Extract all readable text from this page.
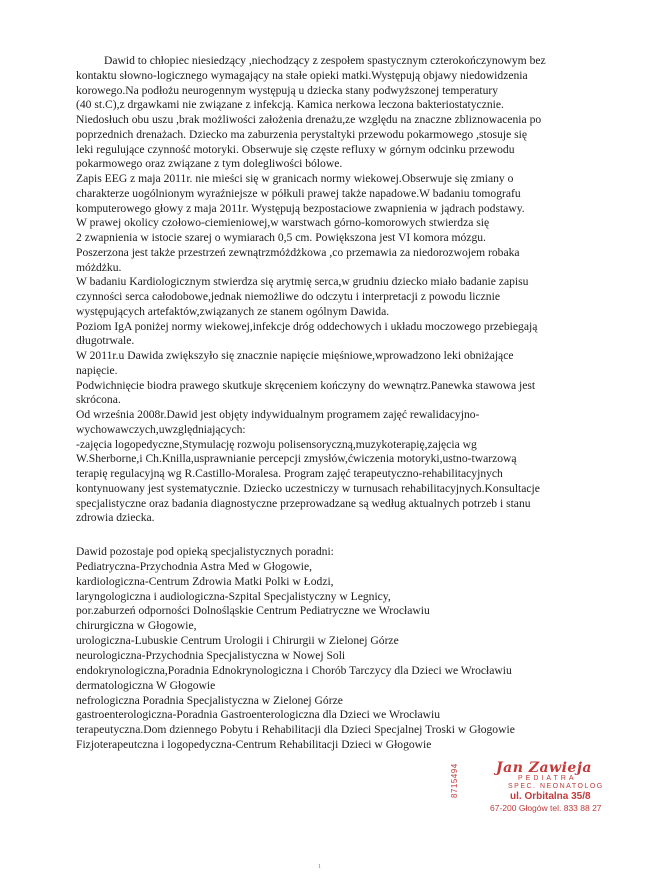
Dawid to chłopiec niesiedzący ,niechodzący z zespołem spastycznym czterokończynowym bez
kontaktu słowno-logicznego wymagający na stałe opieki matki.Występują objawy niedowidzenia
korowego.Na podłożu neurogennym występują u dziecka stany podwyższonej temperatury
(40 st.C),z drgawkami nie związane z infekcją. Kamica nerkowa leczona bakteriostatycznie.
Niedosłuch obu uszu ,brak możliwości założenia drenażu,ze względu na znaczne zbliznowacenia po
poprzednich drenażach. Dziecko ma zaburzenia perystaltyki przewodu pokarmowego ,stosuje się
leki regulujące czynność motoryki. Obserwuje się częste refluxy w górnym odcinku przewodu
pokarmowego oraz związane z tym dolegliwości bólowe.
Zapis EEG z maja 2011r. nie mieści się w granicach normy wiekowej.Obserwuje się zmiany o
charakterze uogólnionym wyraźniejsze w półkuli prawej także napadowe.W badaniu tomografu
komputerowego głowy z maja 2011r. Występują bezpostaciowe zwapnienia w jądrach podstawy.
W prawej okolicy czołowo-ciemieniowej,w warstwach górno-komorowych stwierdza się
2 zwapnienia w istocie szarej o wymiarach 0,5 cm. Powiększona jest VI komora mózgu.
Poszerzona jest także przestrzeń zewnątrzmóżdżkowa ,co przemawia za niedorozwojem robaka
móżdżku.
W badaniu Kardiologicznym stwierdza się arytmię serca,w grudniu dziecko miało badanie zapisu
czynności serca całodobowe,jednak niemożliwe do odczytu i interpretacji z powodu licznie
występujących artefaktów,związanych ze stanem ogólnym Dawida.
Poziom IgA poniżej normy wiekowej,infekcje dróg oddechowych i układu moczowego przebiegają
długotrwale.
W 2011r.u Dawida zwiększyło się znacznie napięcie mięśniowe,wprowadzono leki obniżające
napięcie.
Podwichnięcie biodra prawego skutkuje skręceniem kończyny do wewnątrz.Panewka stawowa jest
skrócona.
Od września 2008r.Dawid jest objęty indywidualnym programem zajęć rewalidacyjno-
wychowawczych,uwzględniających:
-zajęcia logopedyczne,Stymulację rozwoju polisensoryczną,muzykoterapię,zajęcia wg
W.Sherborne,i Ch.Knilla,usprawnianie percepcji zmysłów,ćwiczenia motoryki,ustno-twarzową
terapię regulacyjną wg R.Castillo-Moralesa. Program zajęć terapeutyczno-rehabilitacyjnych
kontynuowany jest systematycznie. Dziecko uczestniczy w turnusach rehabilitacyjnych.Konsultacje
specjalistyczne oraz badania diagnostyczne przeprowadzane są według aktualnych potrzeb i stanu
zdrowia dziecka.
Dawid pozostaje pod opieką specjalistycznych poradni:
Pediatryczna-Przychodnia Astra Med w Głogowie,
kardiologiczna-Centrum Zdrowia Matki Polki w Łodzi,
laryngologiczna i audiologiczna-Szpital Specjalistyczny w Legnicy,
por.zaburzeń odporności Dolnośląskie Centrum Pediatryczne we Wrocławiu
chirurgiczna w Głogowie,
urologiczna-Lubuskie Centrum Urologii i Chirurgii w Zielonej Górze
neurologiczna-Przychodnia Specjalistyczna w Nowej Soli
endokrynologiczna,Poradnia Ednokrynologiczna i Chorób Tarczycy dla Dzieci we Wrocławiu
dermatologiczna W Głogowie
nefrologiczna Poradnia Specjalistyczna w Zielonej Górze
gastroenterologiczna-Poradnia Gastroenterologiczna dla Dzieci we Wrocławiu
terapeutyczna.Dom dziennego Pobytu i Rehabilitacji dla Dzieci Specjalnej Troski w Głogowie
Fizjoterapeutczna i logopedyczna-Centrum Rehabilitacji Dzieci w Głogowie
8715494	Jan Zawieja
PEDIATRA
SPEC. NEONATOLOG
ul. Orbitalna 35/8
67-200 Głogów tel. 833 88 27
1
